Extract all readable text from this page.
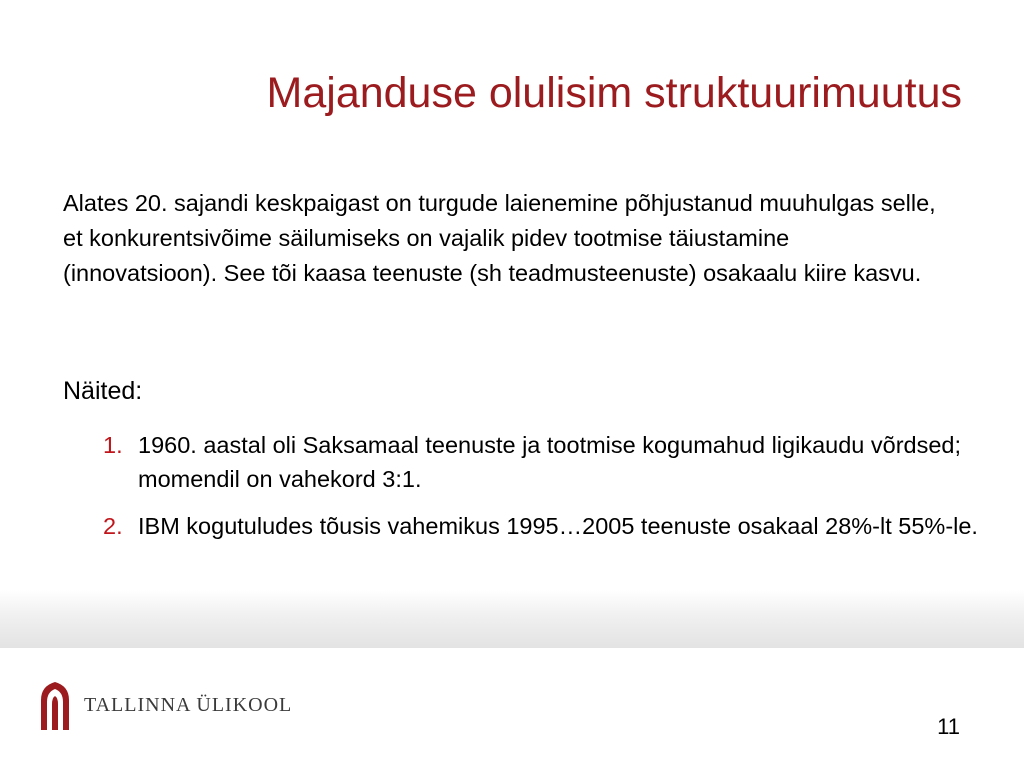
Majanduse olulisim struktuurimuutus

Alates 20. sajandi keskpaigast on turgude laienemine põhjustanud muuhulgas selle, et konkurentsivõime säilumiseks on vajalik pidev tootmise täiustamine (innovatsioon). See tõi kaasa teenuste (sh teadmusteenuste) osakaalu kiire kasvu.

Näited:

1. 1960. aastal oli Saksamaal teenuste ja tootmise kogumahud ligikaudu võrdsed; momendil on vahekord 3:1.
2. IBM kogutuludes tõusis vahemikus 1995…2005 teenuste osakaal 28%-lt 55%-le.
TALLINNA ÜLIKOOL
11
